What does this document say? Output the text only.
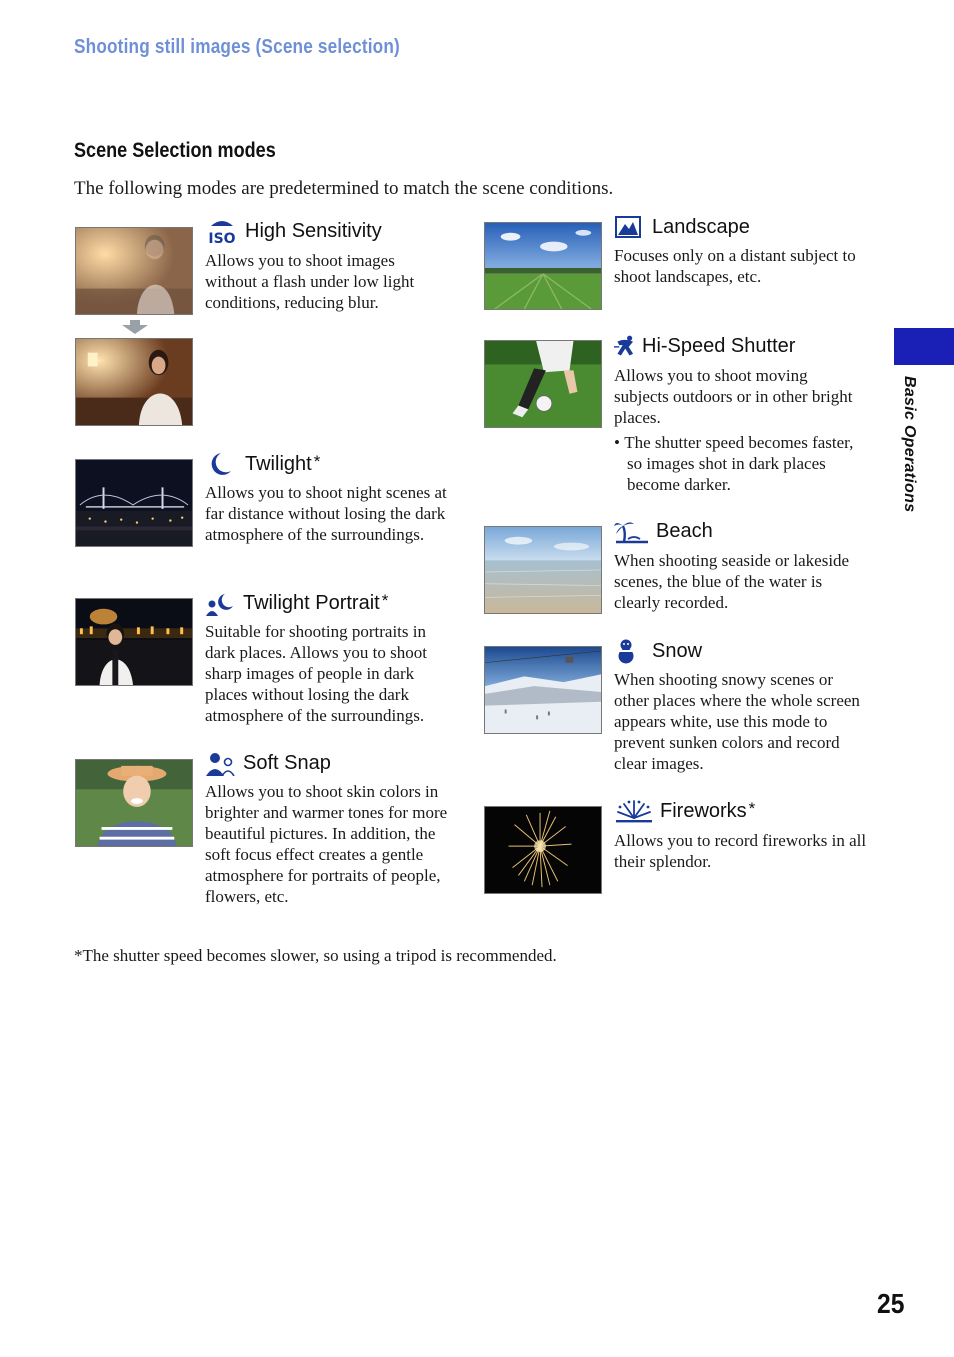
Shooting still images (Scene selection)
Scene Selection modes

The following modes are predetermined to match the scene conditions.

Basic Operations
ISO High Sensitivity

Allows you to shoot images without a flash under low light conditions, reducing blur.

Twilight *

Allows you to shoot night scenes at far distance without losing the dark atmosphere of the surroundings.

Twilight Portrait *

Suitable for shooting portraits in dark places. Allows you to shoot sharp images of people in dark places without losing the dark atmosphere of the surroundings.

Soft Snap

Allows you to shoot skin colors in brighter and warmer tones for more beautiful pictures. In addition, the soft focus effect creates a gentle atmosphere for portraits of people, flowers, etc.

Landscape

Focuses only on a distant subject to shoot landscapes, etc.

Hi-Speed Shutter

Allows you to shoot moving subjects outdoors or in other bright places.

• The shutter speed becomes faster, so images shot in dark places become darker.

Beach

When shooting seaside or lakeside scenes, the blue of the water is clearly recorded.

Snow

When shooting snowy scenes or other places where the whole screen appears white, use this mode to prevent sunken colors and record clear images.

Fireworks *

Allows you to record fireworks in all their splendor.

*The shutter speed becomes slower, so using a tripod is recommended.

25
